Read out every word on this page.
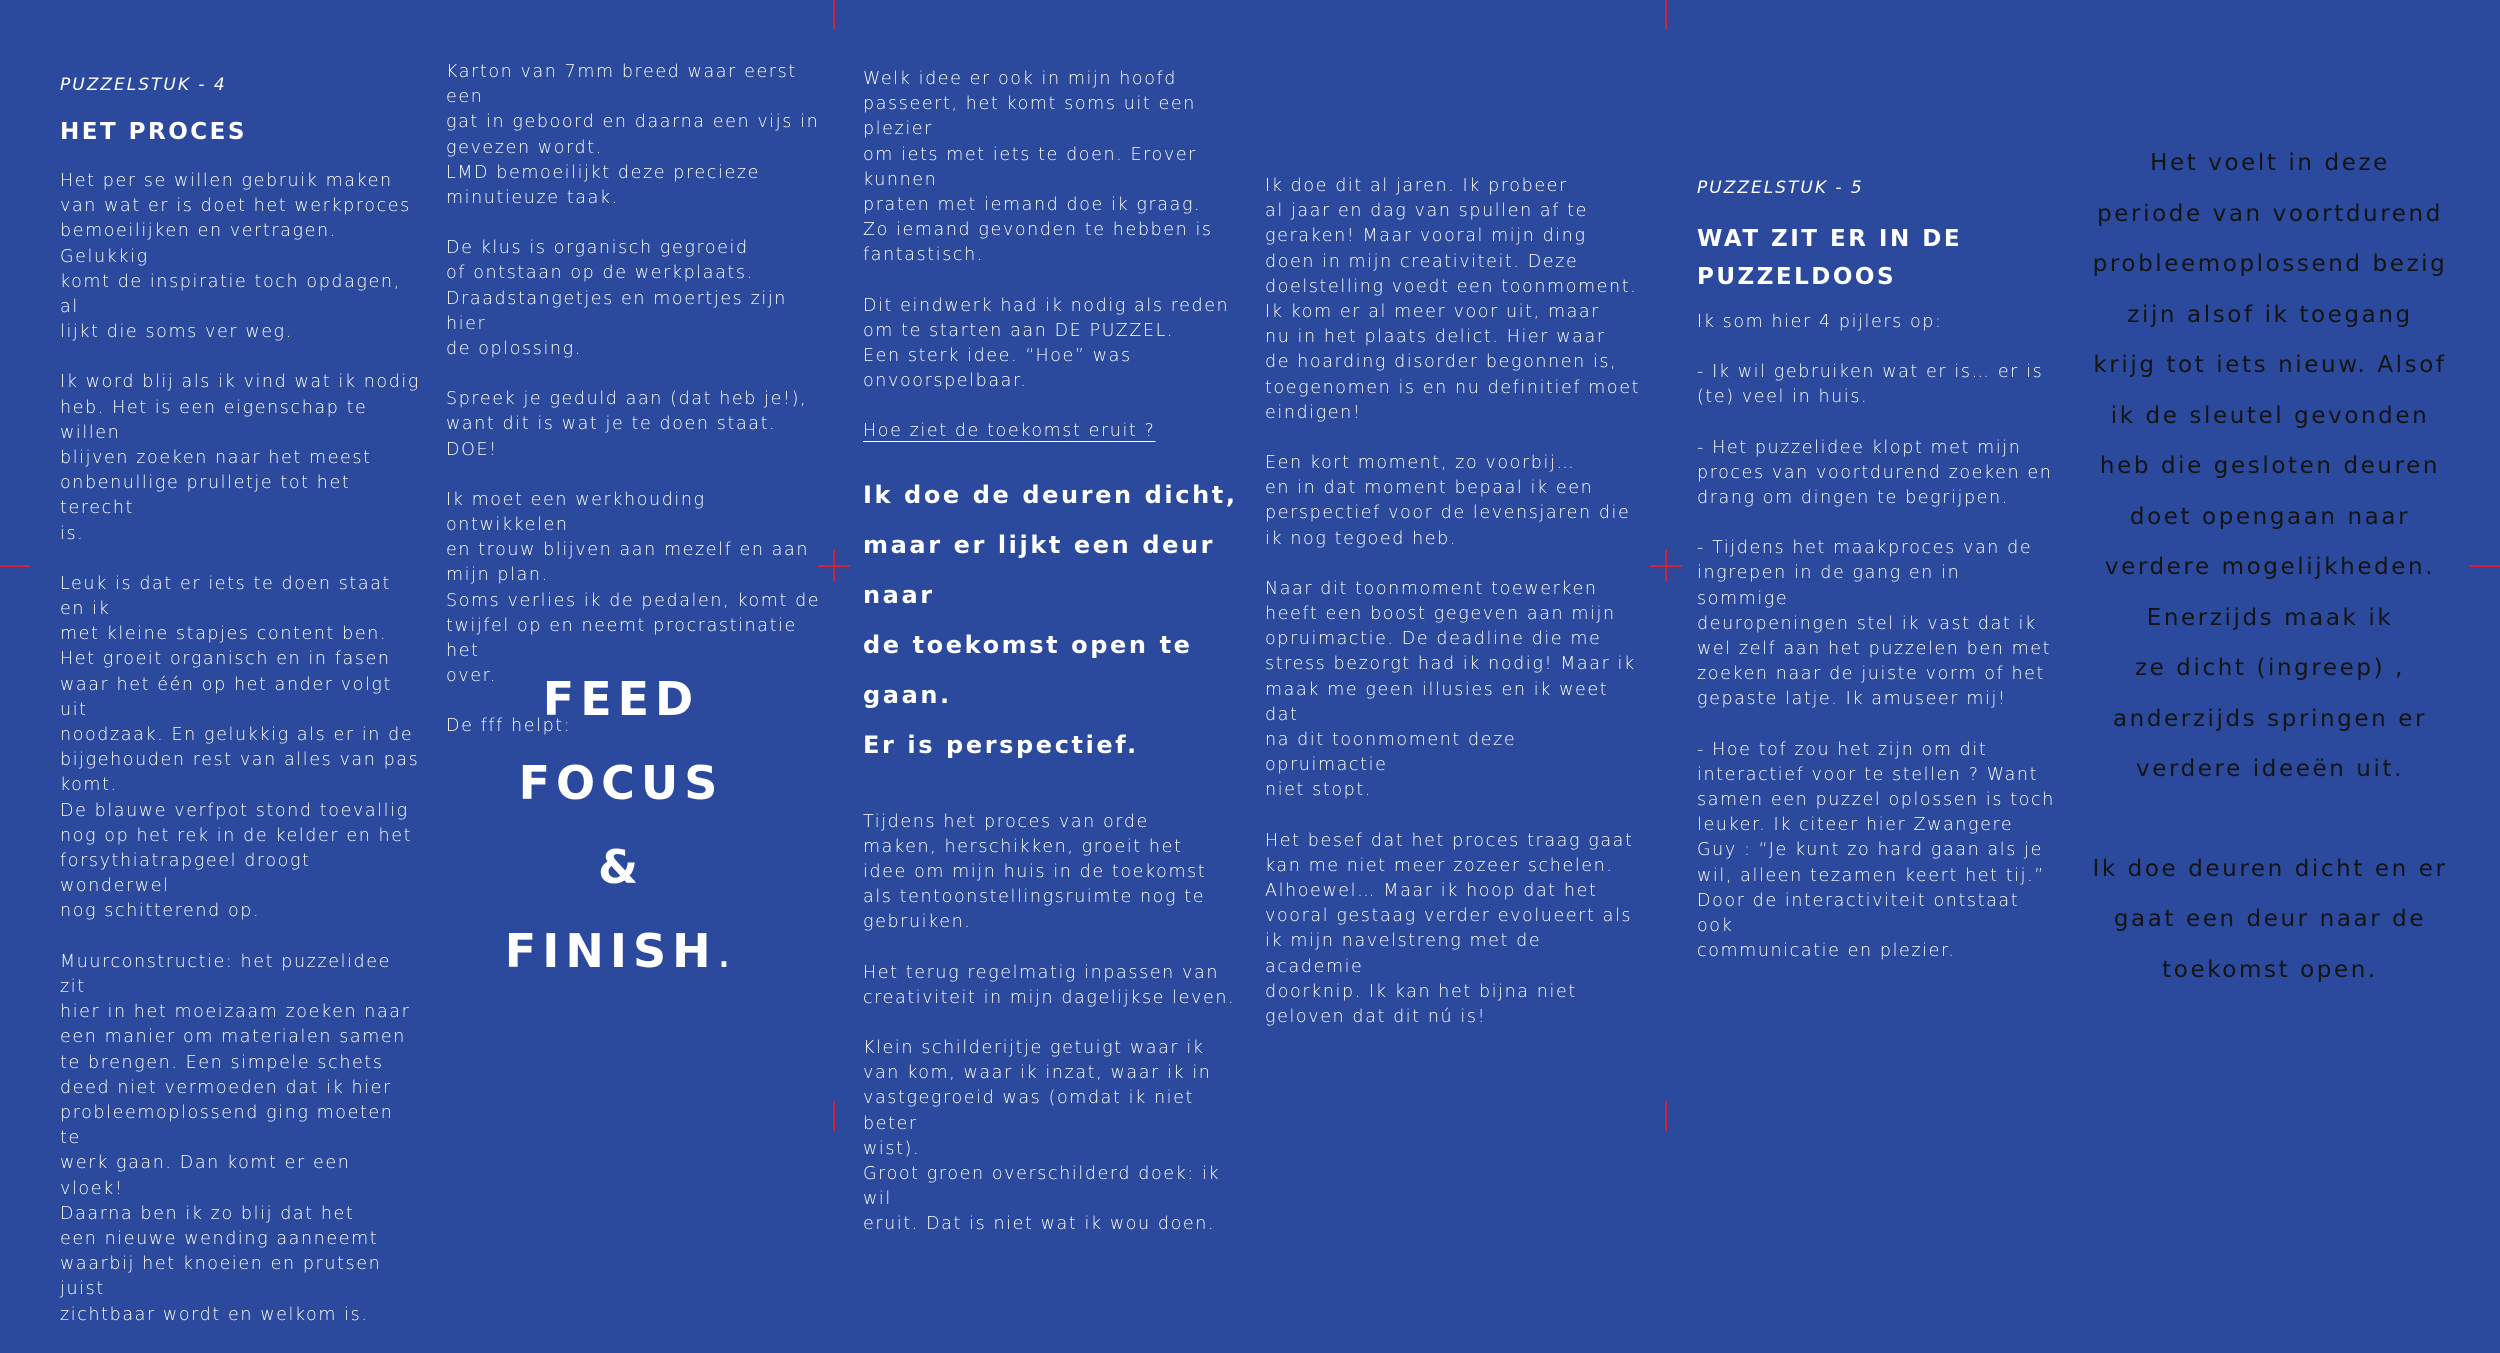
PUZZELSTUK - 4

HET PROCES

Het per se willen gebruik maken
van wat er is doet het werkproces
bemoeilijken en vertragen. Gelukkig
komt de inspiratie toch opdagen, al
lijkt die soms ver weg.

Ik word blij als ik vind wat ik nodig
heb. Het is een eigenschap te willen
blijven zoeken naar het meest
onbenullige prulletje tot het terecht
is.

Leuk is dat er iets te doen staat en ik
met kleine stapjes content ben.
Het groeit organisch en in fasen
waar het één op het ander volgt uit
noodzaak. En gelukkig als er in de
bijgehouden rest van alles van pas
komt.
De blauwe verfpot stond toevallig
nog op het rek in de kelder en het
forsythiatrapgeel droogt wonderwel
nog schitterend op.

Muurconstructie: het puzzelidee zit
hier in het moeizaam zoeken naar
een manier om materialen samen
te brengen. Een simpele schets
deed niet vermoeden dat ik hier
probleemoplossend ging moeten te
werk gaan. Dan komt er een vloek!
Daarna ben ik zo blij dat het
een nieuwe wending aanneemt
waarbij het knoeien en prutsen juist
zichtbaar wordt en welkom is.

Karton van 7mm breed waar eerst een
gat in geboord en daarna een vijs in
gevezen wordt.
LMD bemoeilijkt deze precieze
minutieuze taak.

De klus is organisch gegroeid
of ontstaan op de werkplaats.
Draadstangetjes en moertjes zijn hier
de oplossing.

Spreek je geduld aan (dat heb je!),
want dit is wat je te doen staat. DOE!

Ik moet een werkhouding ontwikkelen
en trouw blijven aan mezelf en aan
mijn plan.
Soms verlies ik de pedalen, komt de
twijfel op en neemt procrastinatie het
over.

De fff helpt:

FEED

FOCUS

&

FINISH.

Welk idee er ook in mijn hoofd
passeert, het komt soms uit een plezier
om iets met iets te doen. Erover kunnen
praten met iemand doe ik graag.
Zo iemand gevonden te hebben is
fantastisch.

Dit eindwerk had ik nodig als reden
om te starten aan DE PUZZEL.
Een sterk idee. “Hoe” was
onvoorspelbaar.

Hoe ziet de toekomst eruit ?

Ik doe de deuren dicht,
maar er lijkt een deur naar
de toekomst open te gaan.
Er is perspectief.

Tijdens het proces van orde
maken, herschikken, groeit het
idee om mijn huis in de toekomst
als tentoonstellingsruimte nog te
gebruiken.

Het terug regelmatig inpassen van
creativiteit in mijn dagelijkse leven.

Klein schilderijtje getuigt waar ik
van kom, waar ik inzat, waar ik in
vastgegroeid was (omdat ik niet beter
wist).
Groot groen overschilderd doek: ik wil
eruit. Dat is niet wat ik wou doen.

Ik doe dit al jaren. Ik probeer
al jaar en dag van spullen af te
geraken! Maar vooral mijn ding
doen in mijn creativiteit. Deze
doelstelling voedt een toonmoment.
Ik kom er al meer voor uit, maar
nu in het plaats delict. Hier waar
de hoarding disorder begonnen is,
toegenomen is en nu definitief moet
eindigen!

Een kort moment, zo voorbij…
en in dat moment bepaal ik een
perspectief voor de levensjaren die
ik nog tegoed heb.

Naar dit toonmoment toewerken
heeft een boost gegeven aan mijn
opruimactie. De deadline die me
stress bezorgt had ik nodig! Maar ik
maak me geen illusies en ik weet dat
na dit toonmoment deze opruimactie
niet stopt.

Het besef dat het proces traag gaat
kan me niet meer zozeer schelen.
Alhoewel… Maar ik hoop dat het
vooral gestaag verder evolueert als
ik mijn navelstreng met de academie
doorknip. Ik kan het bijna niet
geloven dat dit nú is!

PUZZELSTUK - 5

WAT ZIT ER IN DE
PUZZELDOOS

Ik som hier 4 pijlers op:

- Ik wil gebruiken wat er is… er is
(te) veel in huis.

- Het puzzelidee klopt met mijn
proces van voortdurend zoeken en
drang om dingen te begrijpen.

- Tijdens het maakproces van de
ingrepen in de gang en in sommige
deuropeningen stel ik vast dat ik
wel zelf aan het puzzelen ben met
zoeken naar de juiste vorm of het
gepaste latje. Ik amuseer mij!

- Hoe tof zou het zijn om dit
interactief voor te stellen ? Want
samen een puzzel oplossen is toch
leuker. Ik citeer hier Zwangere
Guy : “Je kunt zo hard gaan als je
wil, alleen tezamen keert het tij.”
Door de interactiviteit ontstaat ook
communicatie en plezier.

Het voelt in deze
periode van voortdurend
probleemoplossend bezig
zijn alsof ik toegang
krijg tot iets nieuw. Alsof
ik de sleutel gevonden
heb die gesloten deuren
doet opengaan naar
verdere mogelijkheden.
Enerzijds maak ik
ze dicht (ingreep) ,
anderzijds springen er
verdere ideeën uit.

Ik doe deuren dicht en er
gaat een deur naar de
toekomst open.
